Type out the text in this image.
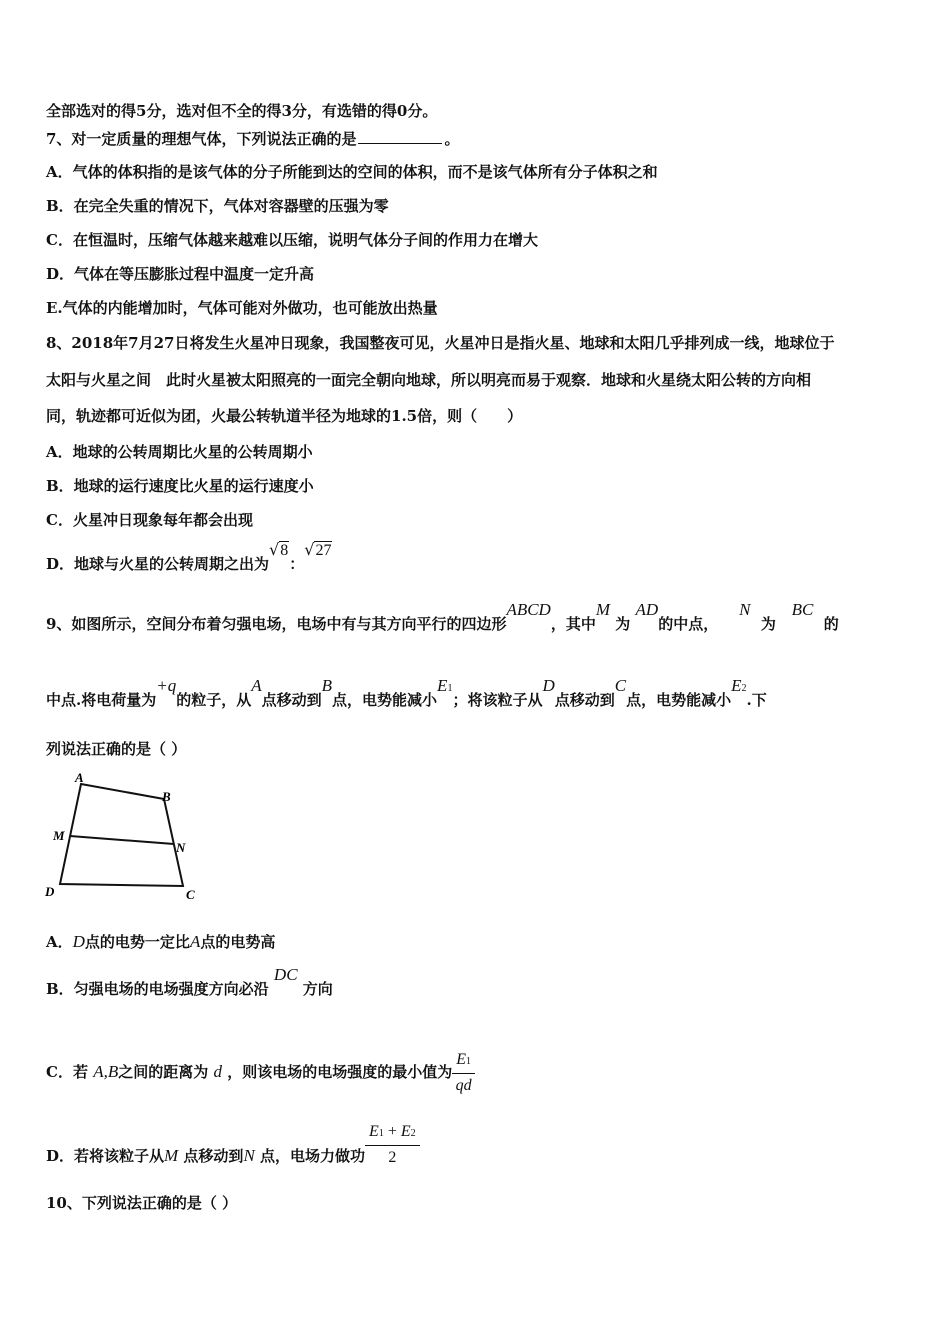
全部选对的得5分，选对但不全的得3分，有选错的得0分。
7、对一定质量的理想气体，下列说法正确的是	。
A．气体的体积指的是该气体的分子所能到达的空间的体积，而不是该气体所有分子体积之和
B．在完全失重的情况下，气体对容器壁的压强为零
C．在恒温时，压缩气体越来越难以压缩，说明气体分子间的作用力在增大
D．气体在等压膨胀过程中温度一定升高
E.气体的内能增加时，气体可能对外做功，也可能放出热量
8、2018年7月27日将发生火星冲日现象，我国整夜可见，火星冲日是指火星、地球和太阳几乎排列成一线，地球位于
太阳与火星之间　此时火星被太阳照亮的一面完全朝向地球，所以明亮而易于观察．地球和火星绕太阳公转的方向相
同，轨迹都可近似为团，火最公转轨道半径为地球的1.5倍，则（　　）
A．地球的公转周期比火星的公转周期小
B．地球的运行速度比火星的运行速度小
C．火星冲日现象每年都会出现
D．地球与火星的公转周期之出为√8：√27
9、如图所示，空间分布着匀强电场，电场中有与其方向平行的四边形ABCD，其中M 为 AD的中点，    N  为   BC  的
中点.将电荷量为+q的粒子，从A点移动到B点，电势能减小E1；将该粒子从D点移动到C点，电势能减小E2.下
列说法正确的是（ ）
A
B
M
N
D	C
A．D点的电势一定比A点的电势高
B．匀强电场的电场强度方向必沿 DC 方向
C．若 A,B之间的距离为 d ，则该电场的电场强度的最小值为 $\frac{E1}{qd}$
D．若将该粒子从M 点移动到N 点，电场力做功 $\frac{E1 + E2}{2}$
10、下列说法正确的是（ ）
